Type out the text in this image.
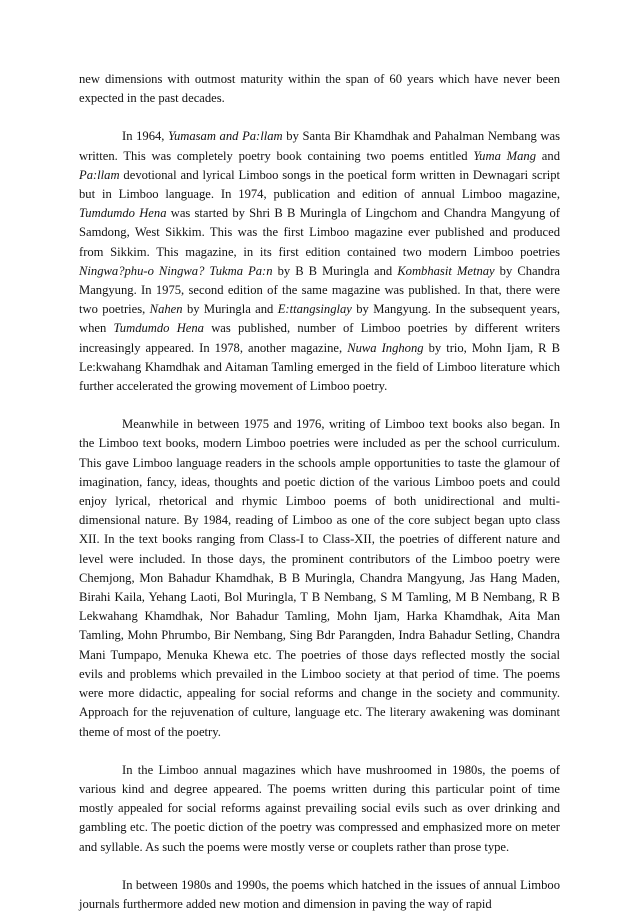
new dimensions with outmost maturity within the span of 60 years which have never been expected in the past decades.

In 1964, Yumasam and Pa:llam by Santa Bir Khamdhak and Pahalman Nembang was written. This was completely poetry book containing two poems entitled Yuma Mang and Pa:llam devotional and lyrical Limboo songs in the poetical form written in Dewnagari script but in Limboo language. In 1974, publication and edition of annual Limboo magazine, Tumdumdo Hena was started by Shri B B Muringla of Lingchom and Chandra Mangyung of Samdong, West Sikkim. This was the first Limboo magazine ever published and produced from Sikkim. This magazine, in its first edition contained two modern Limboo poetries Ningwa?phu-o Ningwa? Tukma Pa:n by B B Muringla and Kombhasit Metnay by Chandra Mangyung. In 1975, second edition of the same magazine was published. In that, there were two poetries, Nahen by Muringla and E:ttangsinglay by Mangyung. In the subsequent years, when Tumdumdo Hena was published, number of Limboo poetries by different writers increasingly appeared. In 1978, another magazine, Nuwa Inghong by trio, Mohn Ijam, R B Le:kwahang Khamdhak and Aitaman Tamling emerged in the field of Limboo literature which further accelerated the growing movement of Limboo poetry.

Meanwhile in between 1975 and 1976, writing of Limboo text books also began. In the Limboo text books, modern Limboo poetries were included as per the school curriculum. This gave Limboo language readers in the schools ample opportunities to taste the glamour of imagination, fancy, ideas, thoughts and poetic diction of the various Limboo poets and could enjoy lyrical, rhetorical and rhymic Limboo poems of both unidirectional and multi-dimensional nature. By 1984, reading of Limboo as one of the core subject began upto class XII. In the text books ranging from Class-I to Class-XII, the poetries of different nature and level were included. In those days, the prominent contributors of the Limboo poetry were Chemjong, Mon Bahadur Khamdhak, B B Muringla, Chandra Mangyung, Jas Hang Maden, Birahi Kaila, Yehang Laoti, Bol Muringla, T B Nembang, S M Tamling, M B Nembang, R B Lekwahang Khamdhak, Nor Bahadur Tamling, Mohn Ijam, Harka Khamdhak, Aita Man Tamling, Mohn Phrumbo, Bir Nembang, Sing Bdr Parangden, Indra Bahadur Setling, Chandra Mani Tumpapo, Menuka Khewa etc. The poetries of those days reflected mostly the social evils and problems which prevailed in the Limboo society at that period of time. The poems were more didactic, appealing for social reforms and change in the society and community. Approach for the rejuvenation of culture, language etc. The literary awakening was dominant theme of most of the poetry.

In the Limboo annual magazines which have mushroomed in 1980s, the poems of various kind and degree appeared. The poems written during this particular point of time mostly appealed for social reforms against prevailing social evils such as over drinking and gambling etc. The poetic diction of the poetry was compressed and emphasized more on meter and syllable. As such the poems were mostly verse or couplets rather than prose type.

In between 1980s and 1990s, the poems which hatched in the issues of annual Limboo journals furthermore added new motion and dimension in paving the way of rapid
